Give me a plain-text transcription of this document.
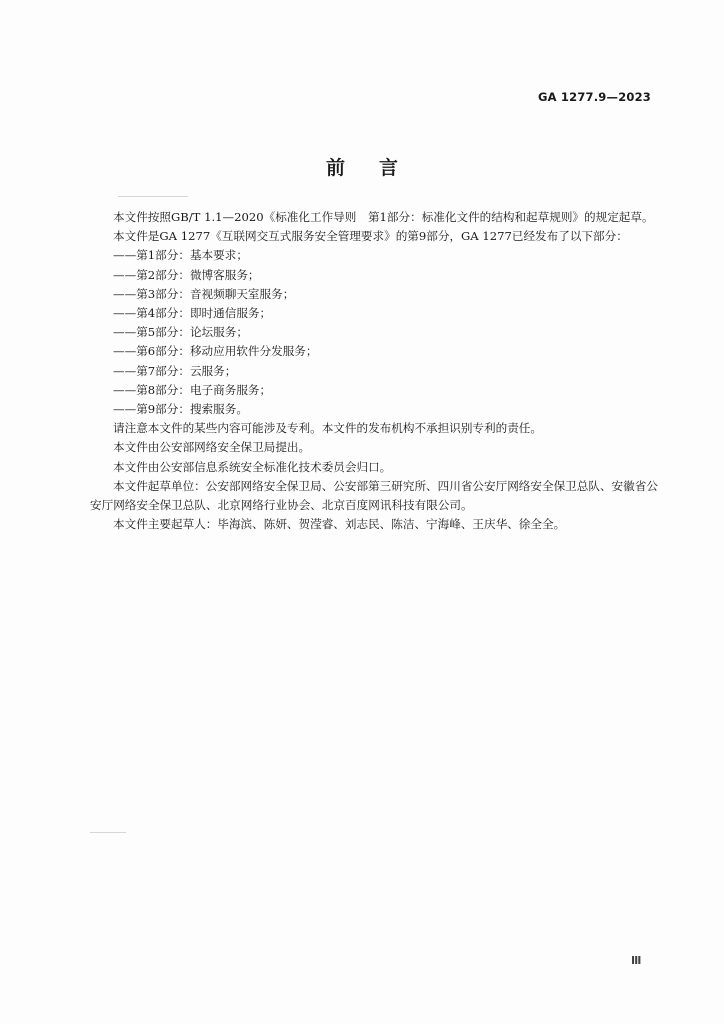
GA 1277.9—2023
前言

本文件按照GB/T 1.1—2020《标准化工作导则　第1部分：标准化文件的结构和起草规则》的规定起草。

本文件是GA 1277《互联网交互式服务安全管理要求》的第9部分，GA 1277已经发布了以下部分：

——第1部分：基本要求；

——第2部分：微博客服务；

——第3部分：音视频聊天室服务；

——第4部分：即时通信服务；

——第5部分：论坛服务；

——第6部分：移动应用软件分发服务；

——第7部分：云服务；

——第8部分：电子商务服务；

——第9部分：搜索服务。

请注意本文件的某些内容可能涉及专利。本文件的发布机构不承担识别专利的责任。

本文件由公安部网络安全保卫局提出。

本文件由公安部信息系统安全标准化技术委员会归口。

本文件起草单位：公安部网络安全保卫局、公安部第三研究所、四川省公安厅网络安全保卫总队、安徽省公安厅网络安全保卫总队、北京网络行业协会、北京百度网讯科技有限公司。

本文件主要起草人：毕海滨、陈妍、贺滢睿、刘志民、陈洁、宁海峰、王庆华、徐全全。

Ⅲ
